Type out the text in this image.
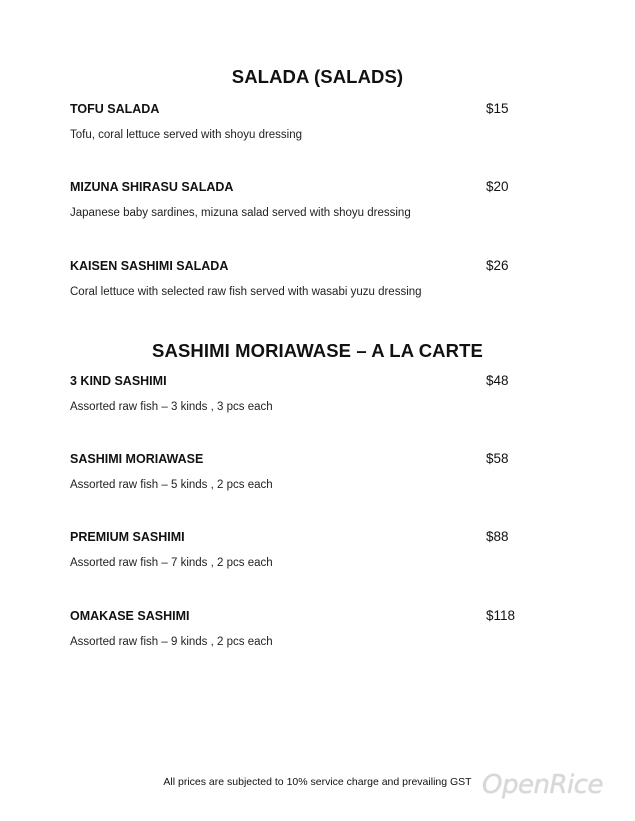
SALADA (SALADS)
TOFU SALADA	$15
Tofu, coral lettuce served with shoyu dressing
MIZUNA SHIRASU SALADA	$20
Japanese baby sardines, mizuna salad served with shoyu dressing
KAISEN SASHIMI SALADA	$26
Coral lettuce with selected raw fish served with wasabi yuzu dressing
SASHIMI MORIAWASE – A LA CARTE
3 KIND SASHIMI	$48
Assorted raw fish – 3 kinds , 3 pcs each
SASHIMI MORIAWASE	$58
Assorted raw fish – 5 kinds , 2 pcs each
PREMIUM SASHIMI	$88
Assorted raw fish – 7 kinds , 2 pcs each
OMAKASE SASHIMI	$118
Assorted raw fish – 9 kinds , 2 pcs each
All prices are subjected to 10% service charge and prevailing GST OpenRice
